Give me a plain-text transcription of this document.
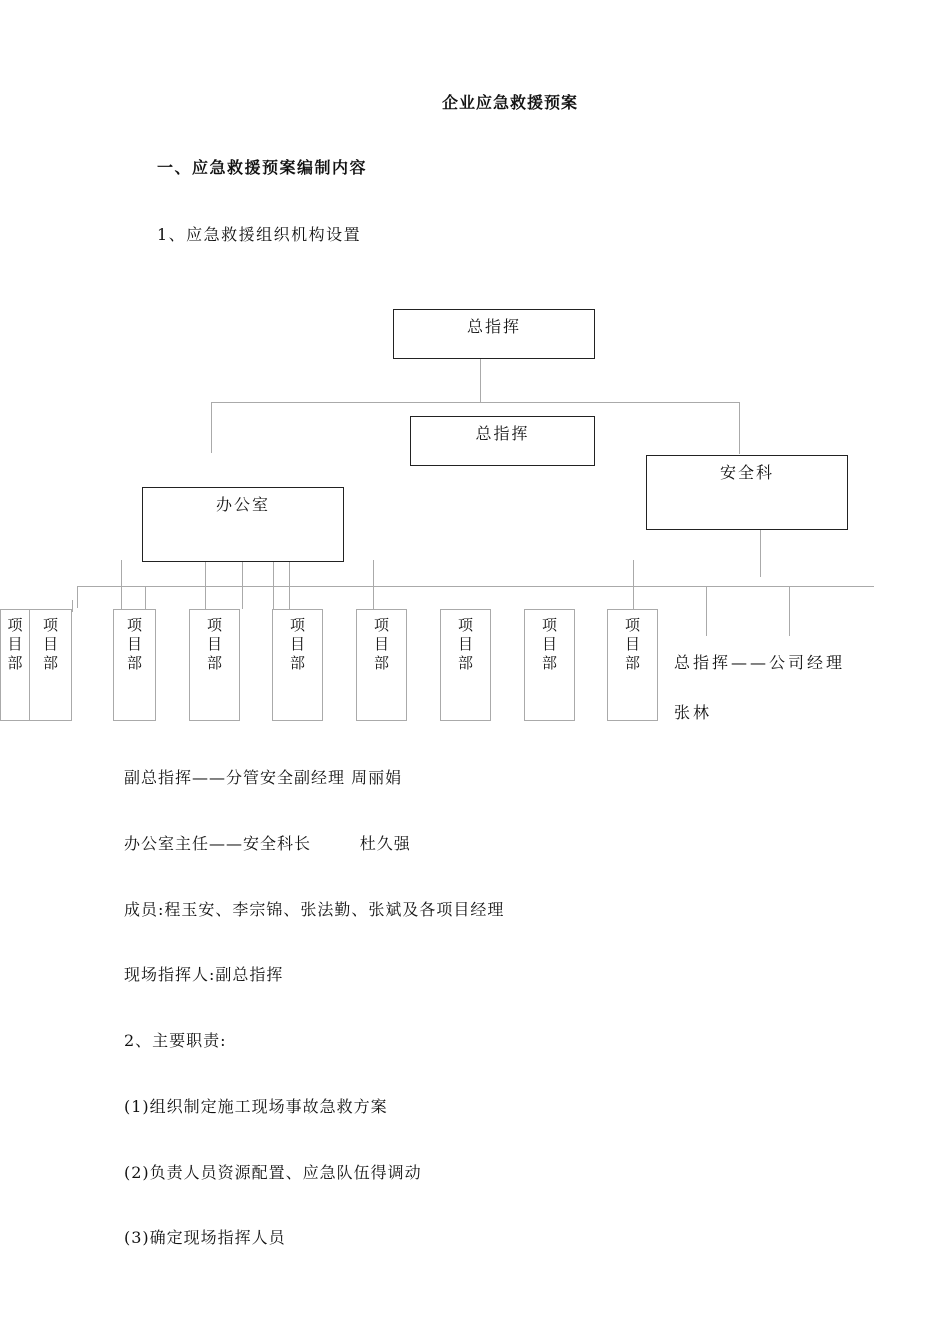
企业应急救援预案
一、应急救援预案编制内容
1、应急救援组织机构设置
总指挥
总指挥
安全科
办公室
项
目
部
项
目
部
项
目
部
项
目
部
项
目
部
项
目
部
项
目
部
项
目
部
项
目
部 总指挥——公司经理
张林
副总指挥——分管安全副经理 周丽娟
办公室主任——安全科长        杜久强
成员:程玉安、李宗锦、张法勤、张斌及各项目经理
现场指挥人:副总指挥
2、主要职责:
(1)组织制定施工现场事故急救方案
(2)负责人员资源配置、应急队伍得调动
(3)确定现场指挥人员
